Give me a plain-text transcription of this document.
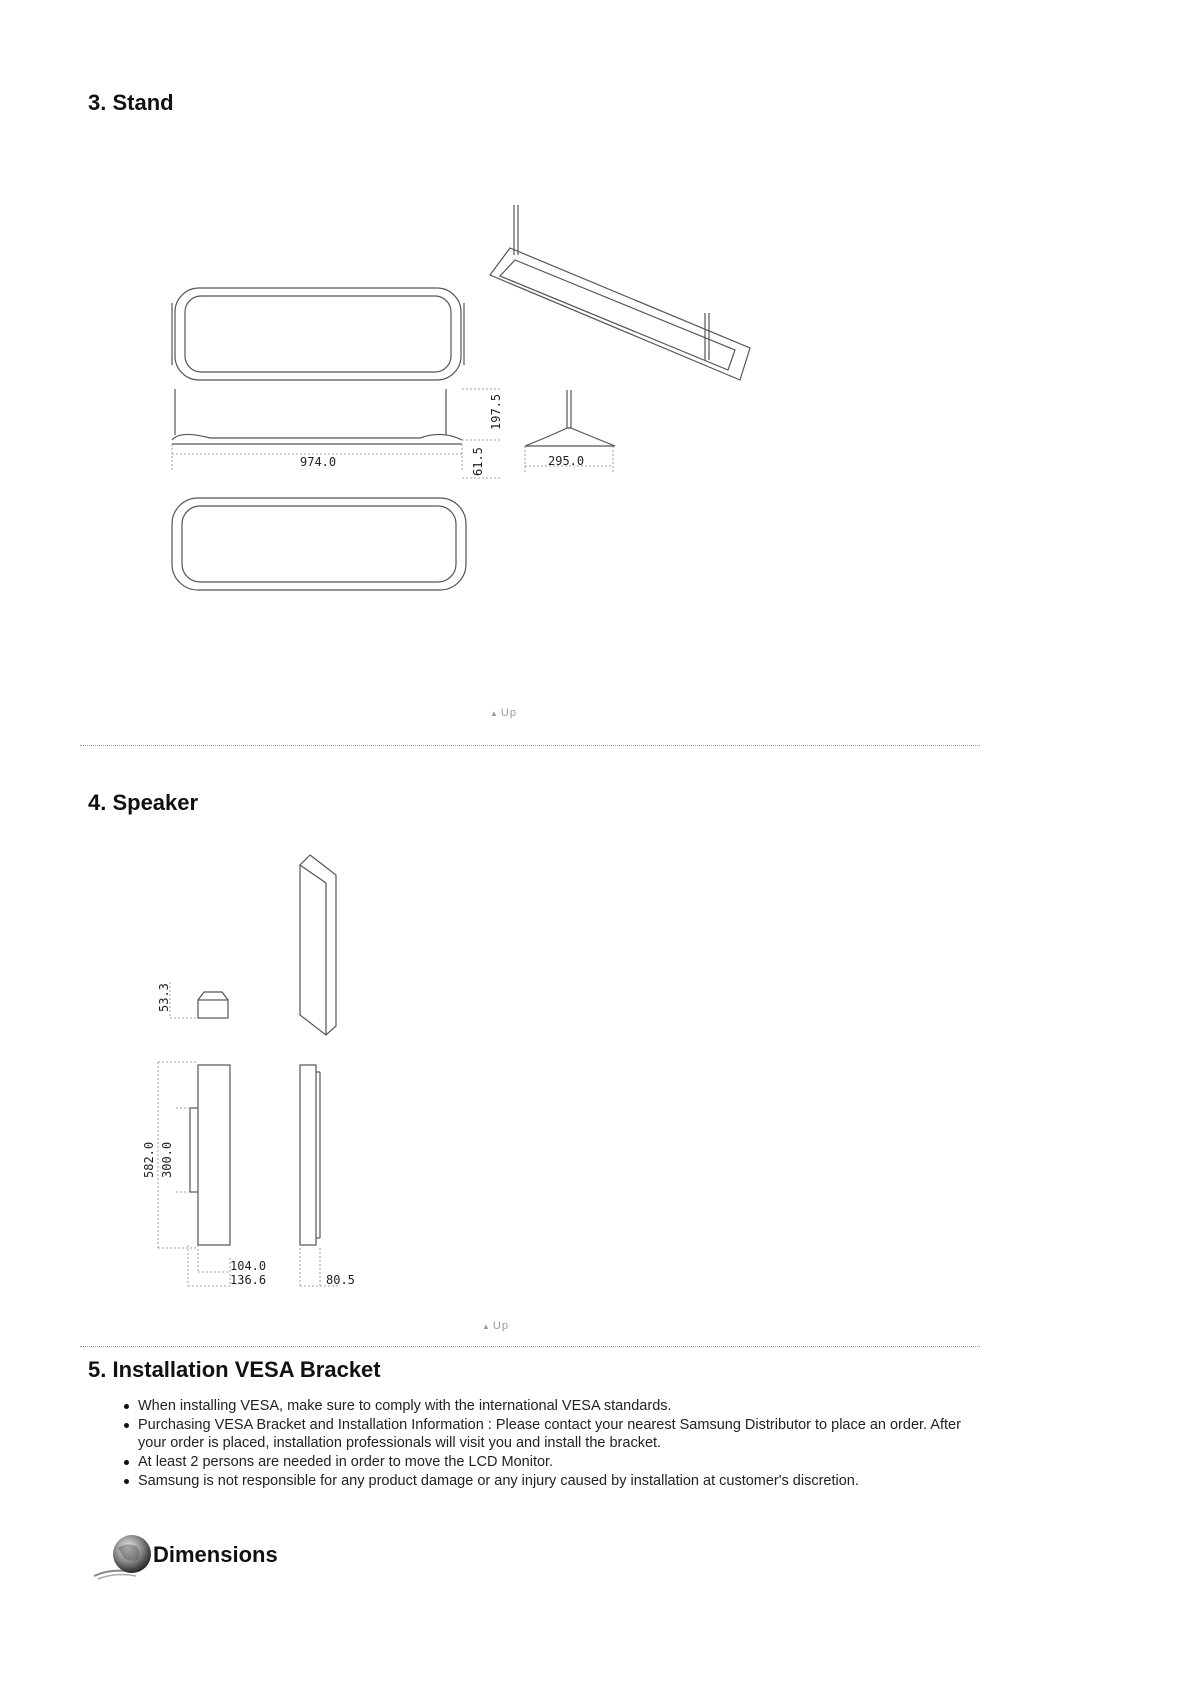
3. Stand
974.0
197.5
61.5	295.0
▲ Up
4. Speaker
53.3
582.0 300.0
104.0
136.6	80.5
▲ Up
5. Installation VESA Bracket
When installing VESA, make sure to comply with the international VESA standards.
Purchasing VESA Bracket and Installation Information : Please contact your nearest Samsung Distributor to place an order. After your order is placed, installation professionals will visit you and install the bracket.
At least 2 persons are needed in order to move the LCD Monitor.
Samsung is not responsible for any product damage or any injury caused by installation at customer's discretion.
Dimensions
